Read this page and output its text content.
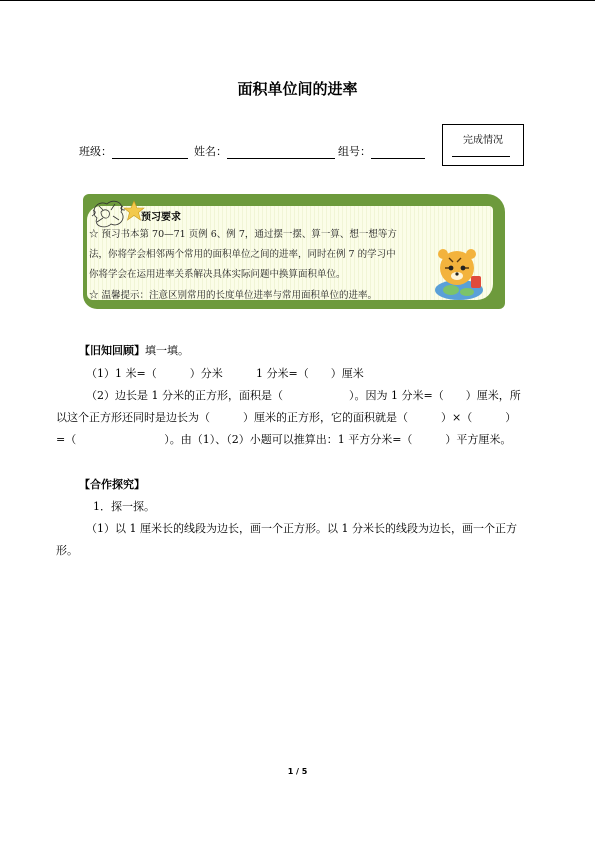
面积单位间的进率
班级：	姓名：	组号：
完成情况
预习要求
☆ 预习书本第 70—71 页例 6、例 7，通过摆一摆、算一算、想一想等方
法，你将学会相邻两个常用的面积单位之间的进率，同时在例 7 的学习中
你将学会在运用进率关系解决具体实际问题中换算面积单位。
☆ 温馨提示：注意区别常用的长度单位进率与常用面积单位的进率。
【旧知回顾】填一填。
（1）1 米=（　　　）分米	1 分米=（　　）厘米
（2）边长是 1 分米的正方形，面积是（　　　　　　）。因为 1 分米=（　　）厘米，所
以这个正方形还同时是边长为（　　　）厘米的正方形，它的面积就是（　　　）×（　　　）
=（　　　　　　　　）。由（1）、（2）小题可以推算出：1 平方分米=（　　　）平方厘米。
【合作探究】
1．探一探。
（1）以 1 厘米长的线段为边长，画一个正方形。以 1 分米长的线段为边长，画一个正方
形。
1 / 5
